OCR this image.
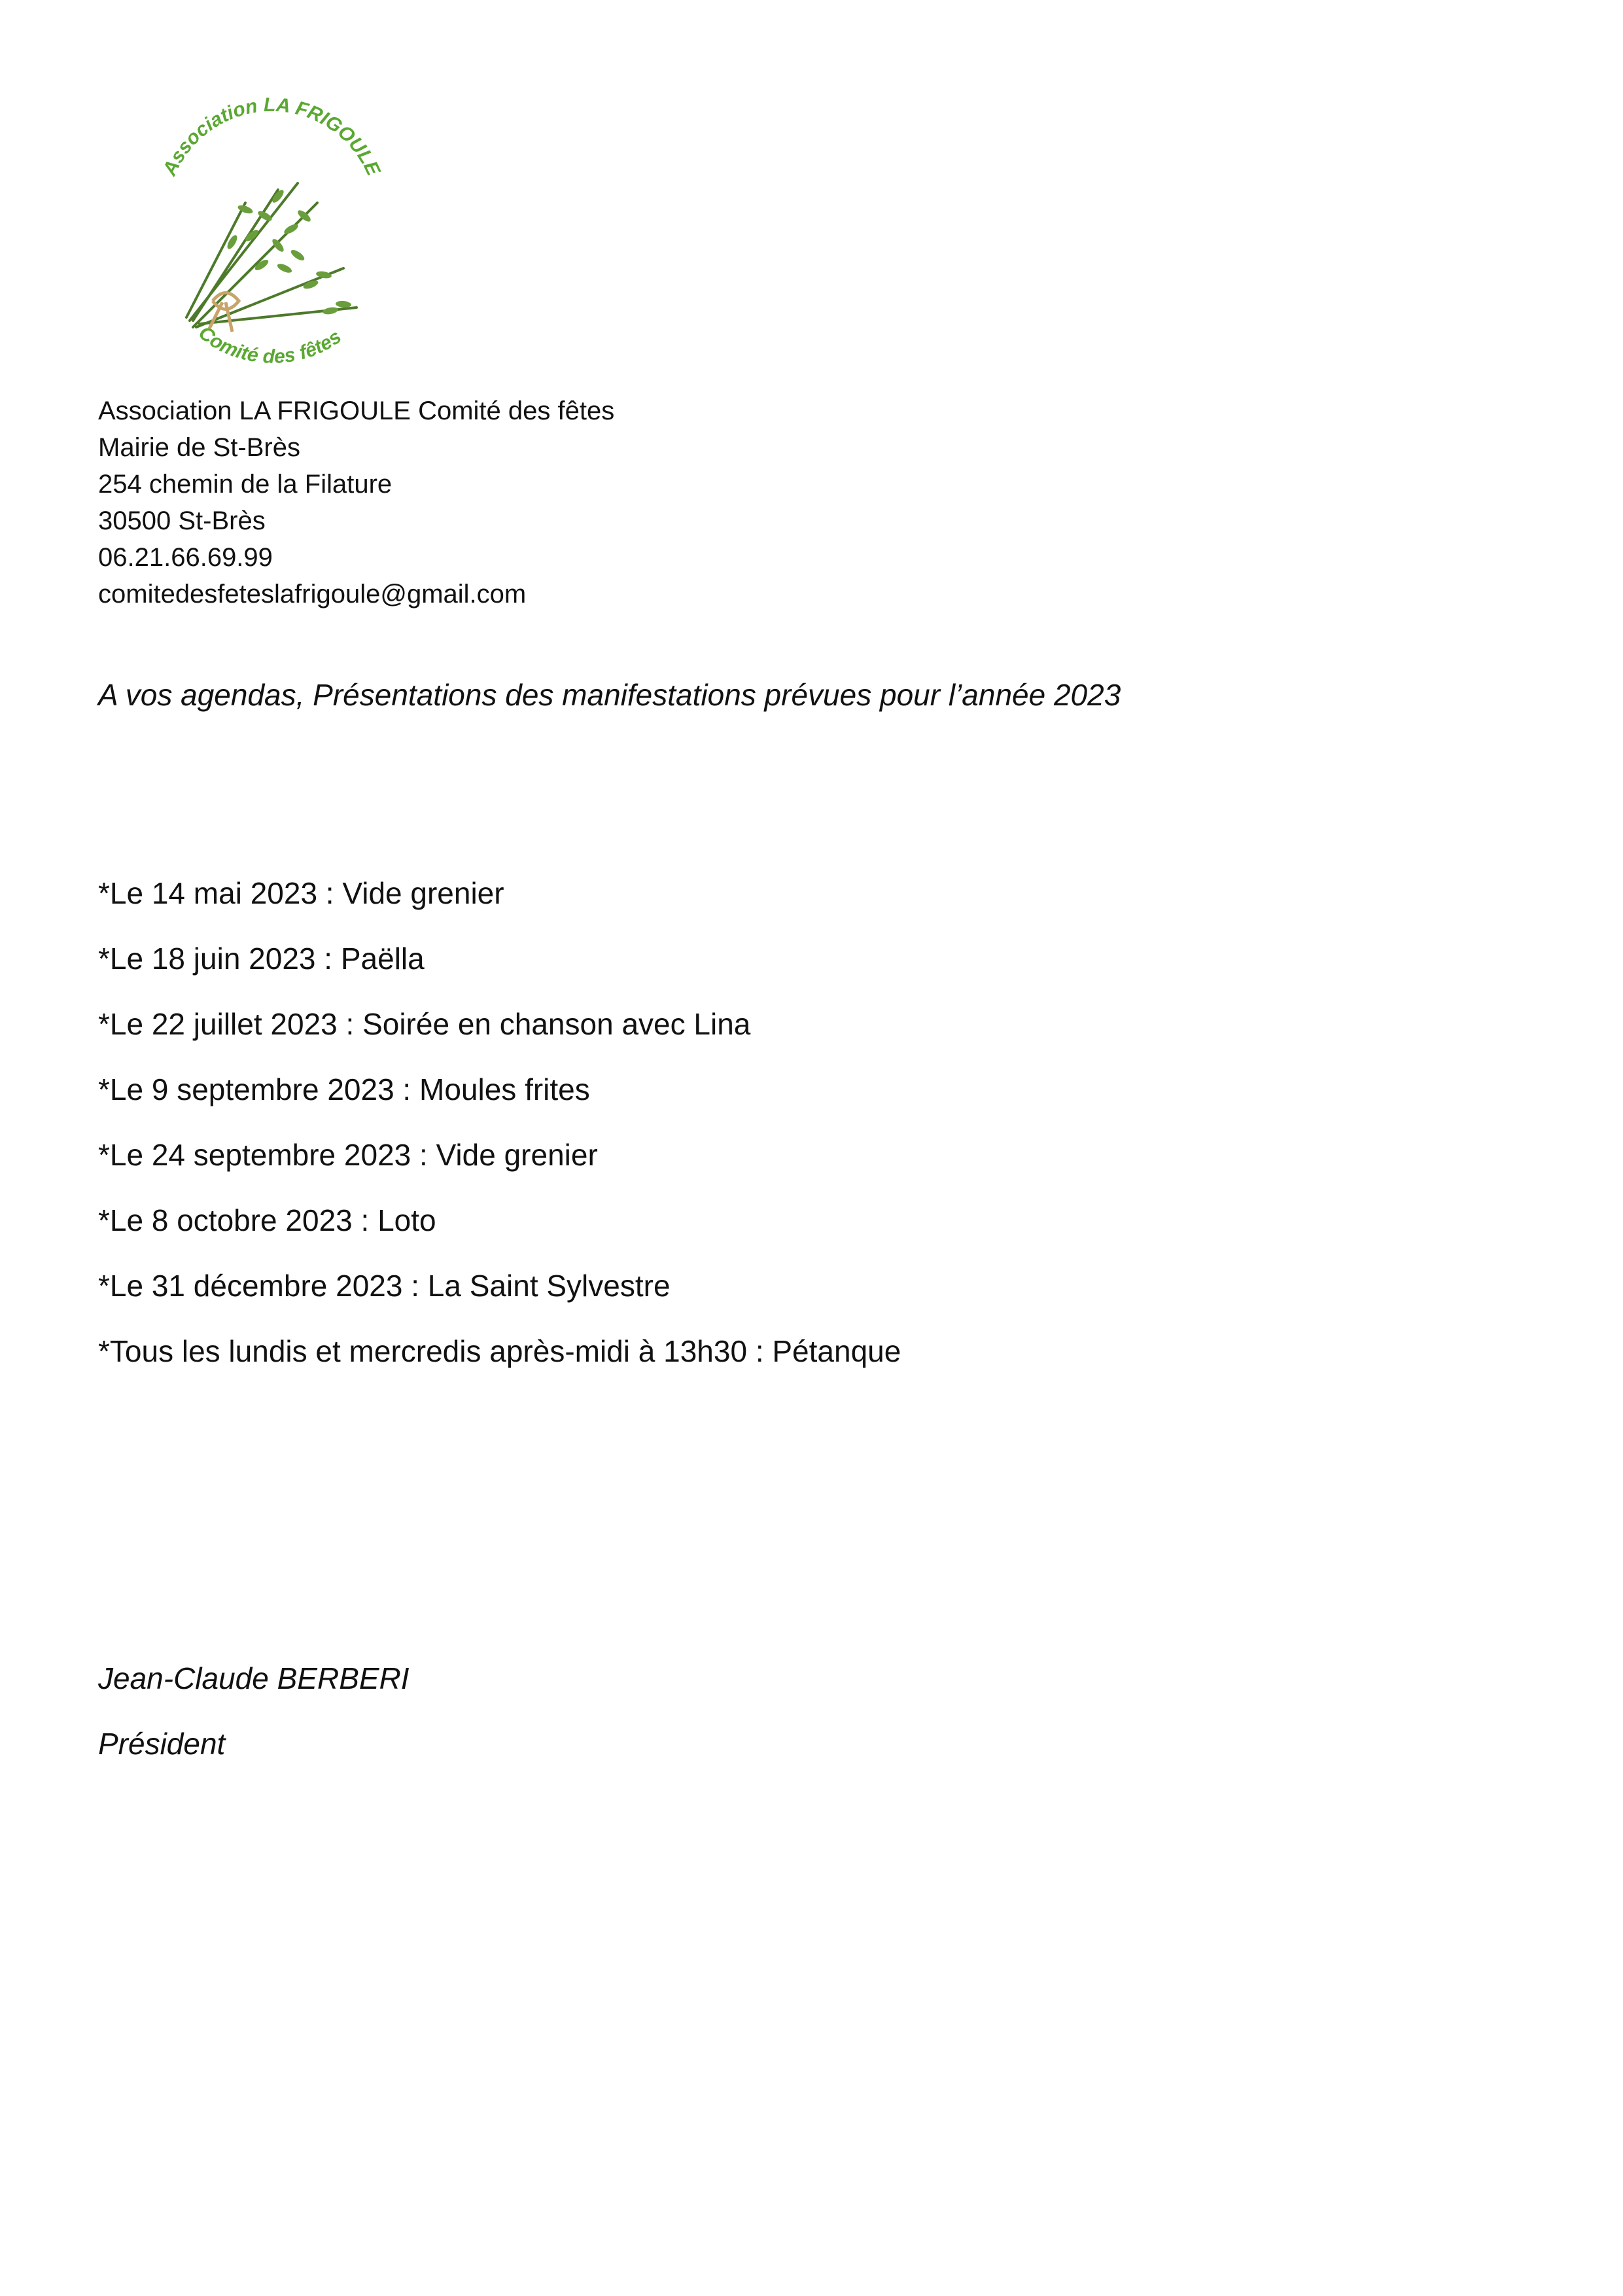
Association LA FRIGOULE
Comité des fêtes
Association LA FRIGOULE Comité des fêtes
Mairie de St-Brès
254 chemin de la Filature
30500 St-Brès
06.21.66.69.99
comitedesfeteslafrigoule@gmail.com
A vos agendas, Présentations des manifestations prévues pour l’année 2023
*Le 14 mai 2023 : Vide grenier
*Le 18 juin 2023 : Paëlla
*Le 22 juillet 2023 : Soirée en chanson avec Lina
*Le 9 septembre 2023 : Moules frites
*Le 24 septembre 2023 : Vide grenier
*Le 8 octobre 2023 : Loto
*Le 31 décembre 2023 : La Saint Sylvestre
*Tous les lundis et mercredis après-midi à 13h30 : Pétanque
Jean-Claude BERBERI
Président
